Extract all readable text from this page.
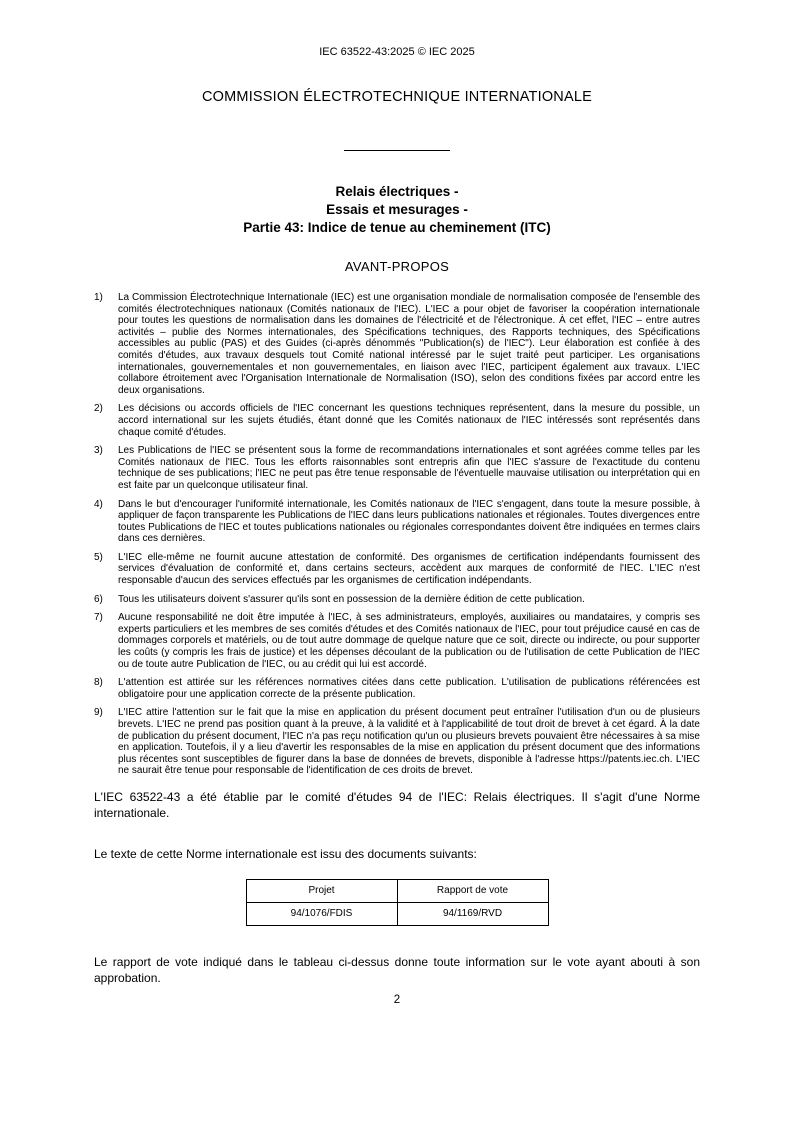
IEC 63522-43:2025 © IEC 2025
COMMISSION ÉLECTROTECHNIQUE INTERNATIONALE
Relais électriques -
Essais et mesurages -
Partie 43: Indice de tenue au cheminement (ITC)
AVANT-PROPOS
1)	La Commission Électrotechnique Internationale (IEC) est une organisation mondiale de normalisation composée de l'ensemble des comités électrotechniques nationaux (Comités nationaux de l'IEC). L'IEC a pour objet de favoriser la coopération internationale pour toutes les questions de normalisation dans les domaines de l'électricité et de l'électronique. À cet effet, l'IEC – entre autres activités – publie des Normes internationales, des Spécifications techniques, des Rapports techniques, des Spécifications accessibles au public (PAS) et des Guides (ci-après dénommés "Publication(s) de l'IEC"). Leur élaboration est confiée à des comités d'études, aux travaux desquels tout Comité national intéressé par le sujet traité peut participer. Les organisations internationales, gouvernementales et non gouvernementales, en liaison avec l'IEC, participent également aux travaux. L'IEC collabore étroitement avec l'Organisation Internationale de Normalisation (ISO), selon des conditions fixées par accord entre les deux organisations.
2)	Les décisions ou accords officiels de l'IEC concernant les questions techniques représentent, dans la mesure du possible, un accord international sur les sujets étudiés, étant donné que les Comités nationaux de l'IEC intéressés sont représentés dans chaque comité d'études.
3)	Les Publications de l'IEC se présentent sous la forme de recommandations internationales et sont agréées comme telles par les Comités nationaux de l'IEC. Tous les efforts raisonnables sont entrepris afin que l'IEC s'assure de l'exactitude du contenu technique de ses publications; l'IEC ne peut pas être tenue responsable de l'éventuelle mauvaise utilisation ou interprétation qui en est faite par un quelconque utilisateur final.
4)	Dans le but d'encourager l'uniformité internationale, les Comités nationaux de l'IEC s'engagent, dans toute la mesure possible, à appliquer de façon transparente les Publications de l'IEC dans leurs publications nationales et régionales. Toutes divergences entre toutes Publications de l'IEC et toutes publications nationales ou régionales correspondantes doivent être indiquées en termes clairs dans ces dernières.
5)	L'IEC elle-même ne fournit aucune attestation de conformité. Des organismes de certification indépendants fournissent des services d'évaluation de conformité et, dans certains secteurs, accèdent aux marques de conformité de l'IEC. L'IEC n'est responsable d'aucun des services effectués par les organismes de certification indépendants.
6)	Tous les utilisateurs doivent s'assurer qu'ils sont en possession de la dernière édition de cette publication.
7)	Aucune responsabilité ne doit être imputée à l'IEC, à ses administrateurs, employés, auxiliaires ou mandataires, y compris ses experts particuliers et les membres de ses comités d'études et des Comités nationaux de l'IEC, pour tout préjudice causé en cas de dommages corporels et matériels, ou de tout autre dommage de quelque nature que ce soit, directe ou indirecte, ou pour supporter les coûts (y compris les frais de justice) et les dépenses découlant de la publication ou de l'utilisation de cette Publication de l'IEC ou de toute autre Publication de l'IEC, ou au crédit qui lui est accordé.
8)	L'attention est attirée sur les références normatives citées dans cette publication. L'utilisation de publications référencées est obligatoire pour une application correcte de la présente publication.
9)	L'IEC attire l'attention sur le fait que la mise en application du présent document peut entraîner l'utilisation d'un ou de plusieurs brevets. L'IEC ne prend pas position quant à la preuve, à la validité et à l'applicabilité de tout droit de brevet à cet égard. À la date de publication du présent document, l'IEC n'a pas reçu notification qu'un ou plusieurs brevets pouvaient être nécessaires à sa mise en application. Toutefois, il y a lieu d'avertir les responsables de la mise en application du présent document que des informations plus récentes sont susceptibles de figurer dans la base de données de brevets, disponible à l'adresse https://patents.iec.ch. L'IEC ne saurait être tenue pour responsable de l'identification de ces droits de brevet.
L'IEC 63522-43 a été établie par le comité d'études 94 de l'IEC: Relais électriques. Il s'agit d'une Norme internationale.
Le texte de cette Norme internationale est issu des documents suivants:
Projet	Rapport de vote
94/1076/FDIS	94/1169/RVD
Le rapport de vote indiqué dans le tableau ci-dessus donne toute information sur le vote ayant abouti à son approbation.
2
